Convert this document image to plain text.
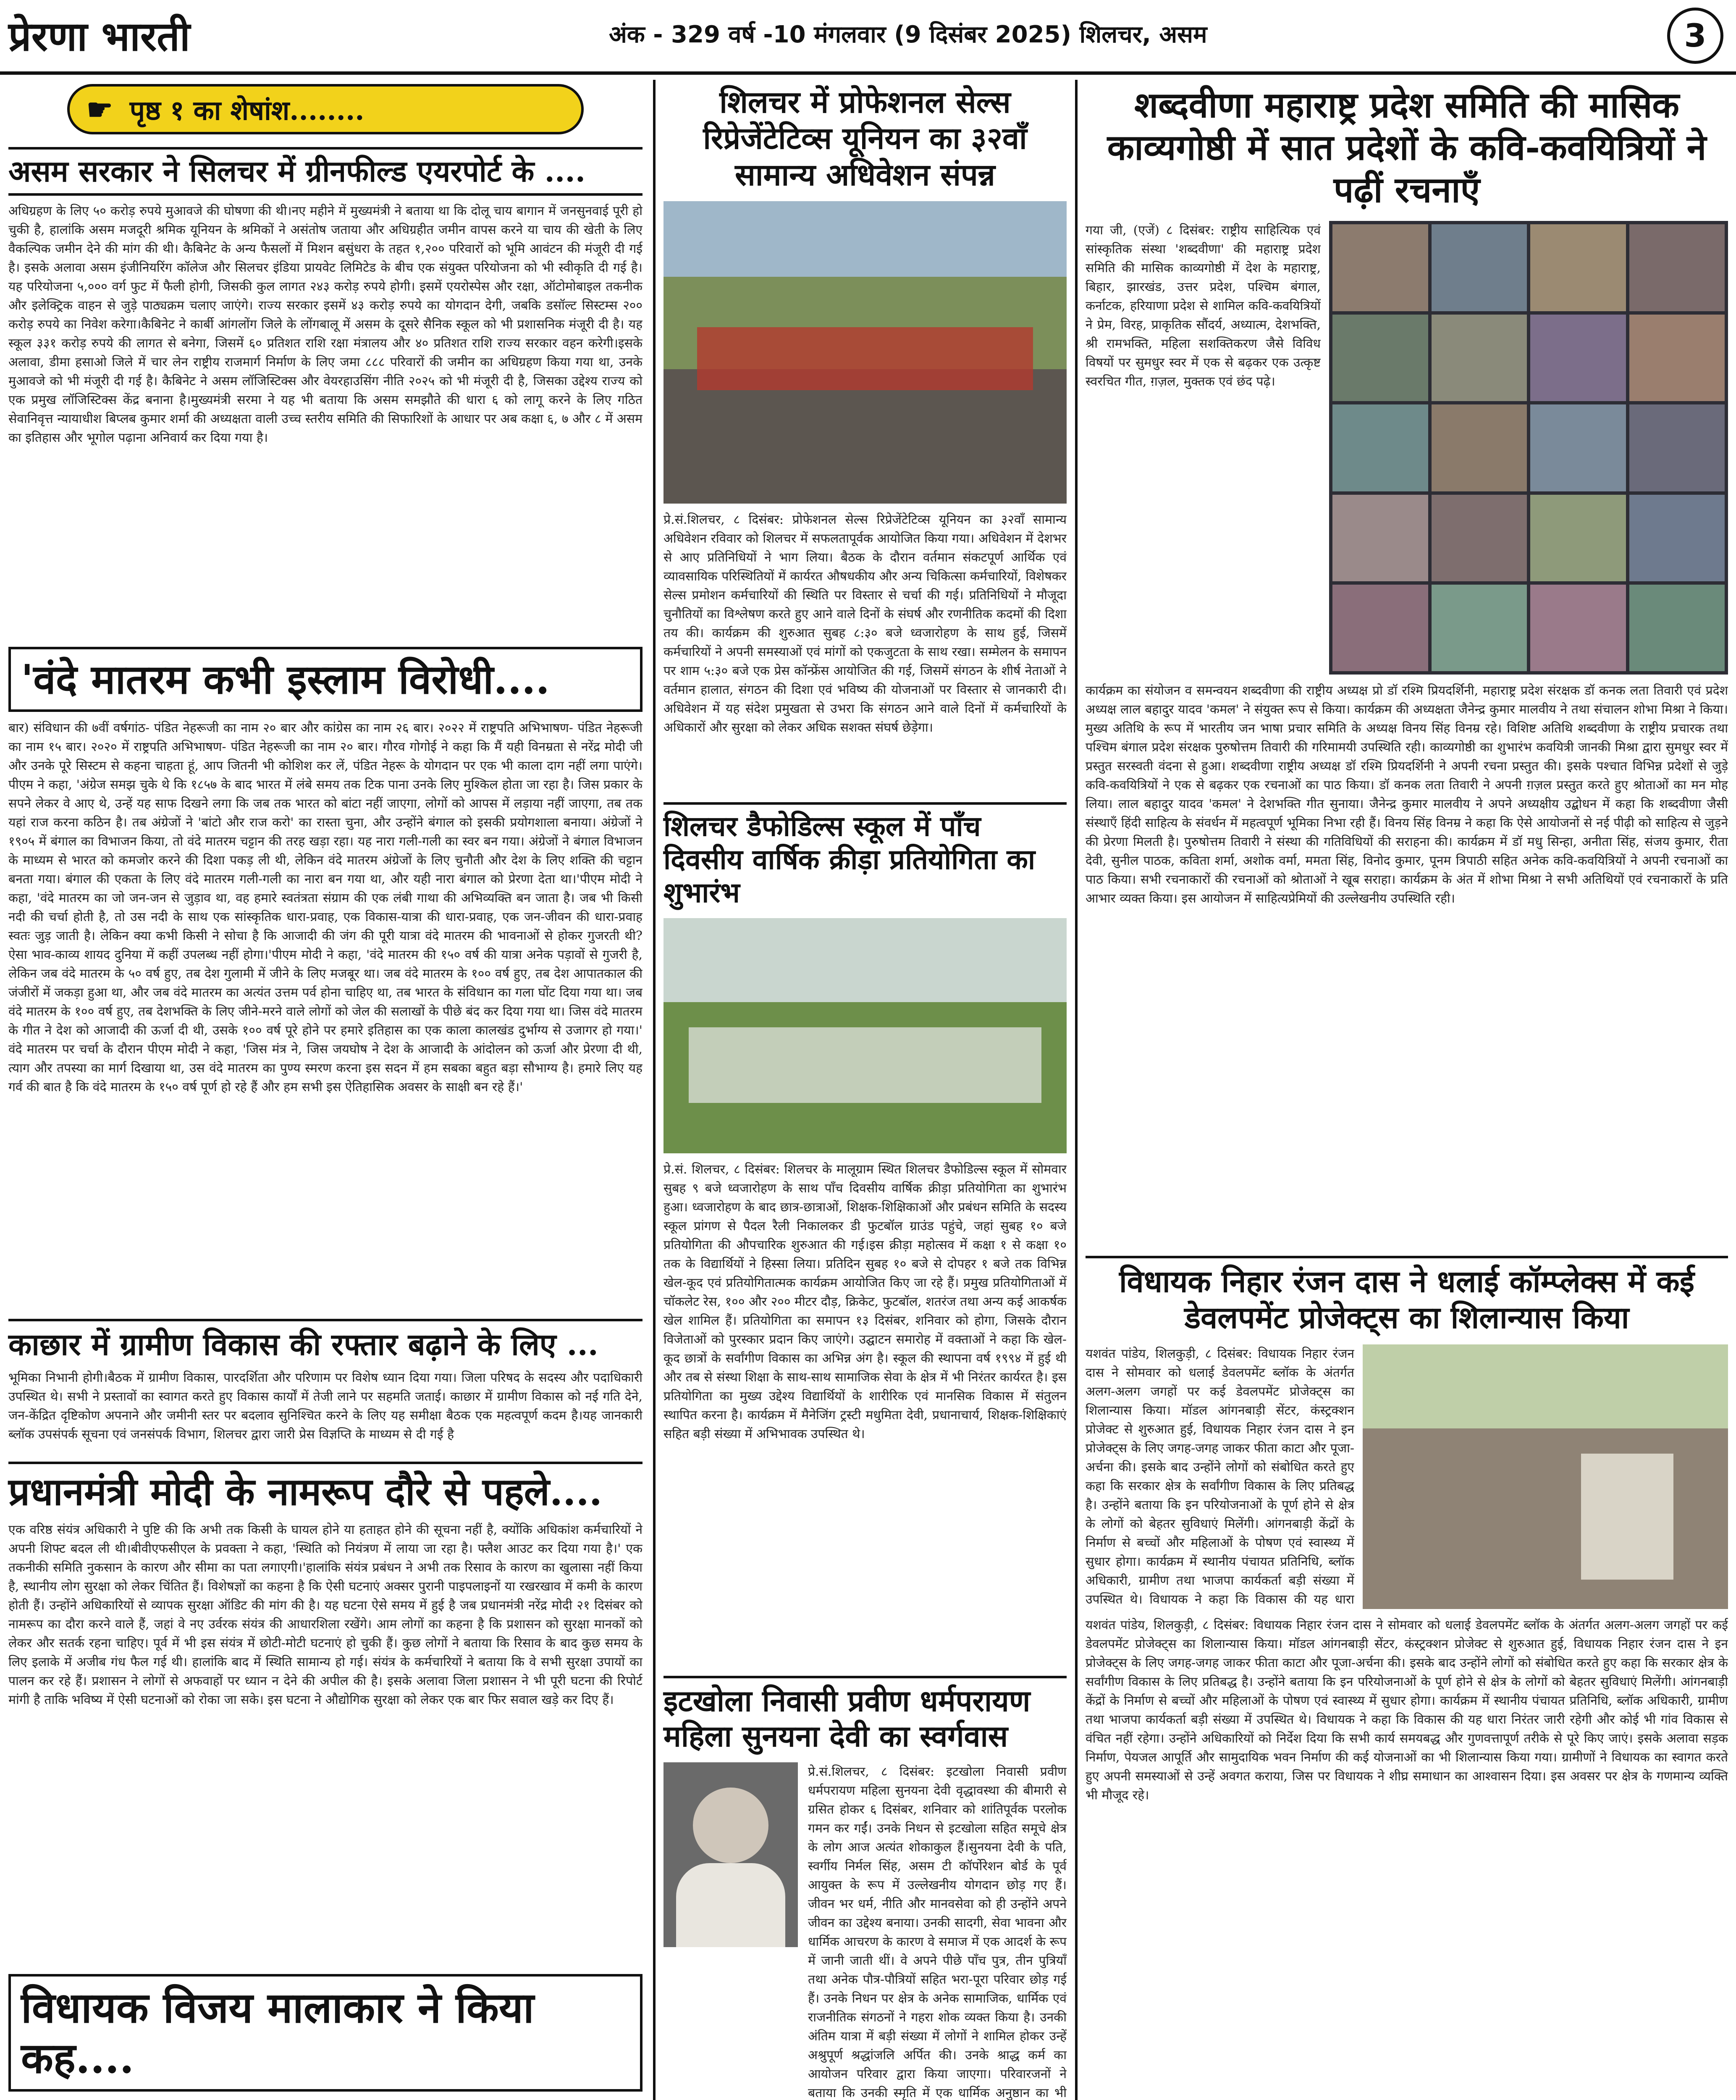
प्रेरणा भारती	अंक - 329 वर्ष -10 मंगलवार (9 दिसंबर 2025) शिलचर, असम	3
☛ पृष्ठ १ का शेषांश........
असम सरकार ने सिलचर में ग्रीनफील्ड एयरपोर्ट के ....
अधिग्रहण के लिए ५० करोड़ रुपये मुआवजे की घोषणा की थी।नए महीने में मुख्यमंत्री ने बताया था कि दोलू चाय बागान में जनसुनवाई पूरी हो चुकी है, हालांकि असम मजदूरी श्रमिक यूनियन के श्रमिकों ने असंतोष जताया और अधिग्रहीत जमीन वापस करने या चाय की खेती के लिए वैकल्पिक जमीन देने की मांग की थी। कैबिनेट के अन्य फैसलों में मिशन बसुंधरा के तहत १,२०० परिवारों को भूमि आवंटन की मंजूरी दी गई है। इसके अलावा असम इंजीनियरिंग कॉलेज और सिलचर इंडिया प्रायवेट लिमिटेड के बीच एक संयुक्त परियोजना को भी स्वीकृति दी गई है।यह परियोजना ५,००० वर्ग फुट में फैली होगी, जिसकी कुल लागत २४३ करोड़ रुपये होगी। इसमें एयरोस्पेस और रक्षा, ऑटोमोबाइल तकनीक और इलेक्ट्रिक वाहन से जुड़े पाठ्यक्रम चलाए जाएंगे। राज्य सरकार इसमें ४३ करोड़ रुपये का योगदान देगी, जबकि डसॉल्ट सिस्टम्स २०० करोड़ रुपये का निवेश करेगा।कैबिनेट ने कार्बी आंगलोंग जिले के लोंगबालू में असम के दूसरे सैनिक स्कूल को भी प्रशासनिक मंजूरी दी है। यह स्कूल ३३१ करोड़ रुपये की लागत से बनेगा, जिसमें ६० प्रतिशत राशि रक्षा मंत्रालय और ४० प्रतिशत राशि राज्य सरकार वहन करेगी।इसके अलावा, डीमा हसाओ जिले में चार लेन राष्ट्रीय राजमार्ग निर्माण के लिए जमा ८८८ परिवारों की जमीन का अधिग्रहण किया गया था, उनके मुआवजे को भी मंजूरी दी गई है। कैबिनेट ने असम लॉजिस्टिक्स और वेयरहाउसिंग नीति २०२५ को भी मंजूरी दी है, जिसका उद्देश्य राज्य को एक प्रमुख लॉजिस्टिक्स केंद्र बनाना है।मुख्यमंत्री सरमा ने यह भी बताया कि असम समझौते की धारा ६ को लागू करने के लिए गठित सेवानिवृत्त न्यायाधीश बिप्लब कुमार शर्मा की अध्यक्षता वाली उच्च स्तरीय समिति की सिफारिशों के आधार पर अब कक्षा ६, ७ और ८ में असम का इतिहास और भूगोल पढ़ाना अनिवार्य कर दिया गया है।
'वंदे मातरम कभी इस्लाम विरोधी....
बार) संविधान की ७वीं वर्षगांठ- पंडित नेहरूजी का नाम २० बार और कांग्रेस का नाम २६ बार। २०२२ में राष्ट्रपति अभिभाषण- पंडित नेहरूजी का नाम १५ बार। २०२० में राष्ट्रपति अभिभाषण- पंडित नेहरूजी का नाम २० बार। गौरव गोगोई ने कहा कि मैं यही विनम्रता से नरेंद्र मोदी जी और उनके पूरे सिस्टम से कहना चाहता हूं, आप जितनी भी कोशिश कर लें, पंडित नेहरू के योगदान पर एक भी काला दाग नहीं लगा पाएंगे। पीएम ने कहा, 'अंग्रेज समझ चुके थे कि १८५७ के बाद भारत में लंबे समय तक टिक पाना उनके लिए मुश्किल होता जा रहा है। जिस प्रकार के सपने लेकर वे आए थे, उन्हें यह साफ दिखने लगा कि जब तक भारत को बांटा नहीं जाएगा, लोगों को आपस में लड़ाया नहीं जाएगा, तब तक यहां राज करना कठिन है। तब अंग्रेजों ने 'बांटो और राज करो' का रास्ता चुना, और उन्होंने बंगाल को इसकी प्रयोगशाला बनाया। अंग्रेजों ने १९०५ में बंगाल का विभाजन किया, तो वंदे मातरम चट्टान की तरह खड़ा रहा। यह नारा गली-गली का स्वर बन गया। अंग्रेजों ने बंगाल विभाजन के माध्यम से भारत को कमजोर करने की दिशा पकड़ ली थी, लेकिन वंदे मातरम अंग्रेजों के लिए चुनौती और देश के लिए शक्ति की चट्टान बनता गया। बंगाल की एकता के लिए वंदे मातरम गली-गली का नारा बन गया था, और यही नारा बंगाल को प्रेरणा देता था।'पीएम मोदी ने कहा, 'वंदे मातरम का जो जन-जन से जुड़ाव था, वह हमारे स्वतंत्रता संग्राम की एक लंबी गाथा की अभिव्यक्ति बन जाता है। जब भी किसी नदी की चर्चा होती है, तो उस नदी के साथ एक सांस्कृतिक धारा-प्रवाह, एक विकास-यात्रा की धारा-प्रवाह, एक जन-जीवन की धारा-प्रवाह स्वतः जुड़ जाती है। लेकिन क्या कभी किसी ने सोचा है कि आजादी की जंग की पूरी यात्रा वंदे मातरम की भावनाओं से होकर गुजरती थी? ऐसा भाव-काव्य शायद दुनिया में कहीं उपलब्ध नहीं होगा।'पीएम मोदी ने कहा, 'वंदे मातरम की १५० वर्ष की यात्रा अनेक पड़ावों से गुजरी है, लेकिन जब वंदे मातरम के ५० वर्ष हुए, तब देश गुलामी में जीने के लिए मजबूर था। जब वंदे मातरम के १०० वर्ष हुए, तब देश आपातकाल की जंजीरों में जकड़ा हुआ था, और जब वंदे मातरम का अत्यंत उत्तम पर्व होना चाहिए था, तब भारत के संविधान का गला घोंट दिया गया था। जब वंदे मातरम के १०० वर्ष हुए, तब देशभक्ति के लिए जीने-मरने वाले लोगों को जेल की सलाखों के पीछे बंद कर दिया गया था। जिस वंदे मातरम के गीत ने देश को आजादी की ऊर्जा दी थी, उसके १०० वर्ष पूरे होने पर हमारे इतिहास का एक काला कालखंड दुर्भाग्य से उजागर हो गया।' वंदे मातरम पर चर्चा के दौरान पीएम मोदी ने कहा, 'जिस मंत्र ने, जिस जयघोष ने देश के आजादी के आंदोलन को ऊर्जा और प्रेरणा दी थी, त्याग और तपस्या का मार्ग दिखाया था, उस वंदे मातरम का पुण्य स्मरण करना इस सदन में हम सबका बहुत बड़ा सौभाग्य है। हमारे लिए यह गर्व की बात है कि वंदे मातरम के १५० वर्ष पूर्ण हो रहे हैं और हम सभी इस ऐतिहासिक अवसर के साक्षी बन रहे हैं।'
काछार में ग्रामीण विकास की रफ्तार बढ़ाने के लिए ...
भूमिका निभानी होगी।बैठक में ग्रामीण विकास, पारदर्शिता और परिणाम पर विशेष ध्यान दिया गया। जिला परिषद के सदस्य और पदाधिकारी उपस्थित थे। सभी ने प्रस्तावों का स्वागत करते हुए विकास कार्यों में तेजी लाने पर सहमति जताई। काछार में ग्रामीण विकास को नई गति देने, जन-केंद्रित दृष्टिकोण अपनाने और जमीनी स्तर पर बदलाव सुनिश्चित करने के लिए यह समीक्षा बैठक एक महत्वपूर्ण कदम है।यह जानकारी ब्लॉक उपसंपर्क सूचना एवं जनसंपर्क विभाग, शिलचर द्वारा जारी प्रेस विज्ञप्ति के माध्यम से दी गई है
प्रधानमंत्री मोदी के नामरूप दौरे से पहले....
एक वरिष्ठ संयंत्र अधिकारी ने पुष्टि की कि अभी तक किसी के घायल होने या हताहत होने की सूचना नहीं है, क्योंकि अधिकांश कर्मचारियों ने अपनी शिफ्ट बदल ली थी।बीवीएफसीएल के प्रवक्ता ने कहा, 'स्थिति को नियंत्रण में लाया जा रहा है। फ्लैश आउट कर दिया गया है।' एक तकनीकी समिति नुकसान के कारण और सीमा का पता लगाएगी।'हालांकि संयंत्र प्रबंधन ने अभी तक रिसाव के कारण का खुलासा नहीं किया है, स्थानीय लोग सुरक्षा को लेकर चिंतित हैं। विशेषज्ञों का कहना है कि ऐसी घटनाएं अक्सर पुरानी पाइपलाइनों या रखरखाव में कमी के कारण होती हैं। उन्होंने अधिकारियों से व्यापक सुरक्षा ऑडिट की मांग की है। यह घटना ऐसे समय में हुई है जब प्रधानमंत्री नरेंद्र मोदी २१ दिसंबर को नामरूप का दौरा करने वाले हैं, जहां वे नए उर्वरक संयंत्र की आधारशिला रखेंगे। आम लोगों का कहना है कि प्रशासन को सुरक्षा मानकों को लेकर और सतर्क रहना चाहिए। पूर्व में भी इस संयंत्र में छोटी-मोटी घटनाएं हो चुकी हैं। कुछ लोगों ने बताया कि रिसाव के बाद कुछ समय के लिए इलाके में अजीब गंध फैल गई थी। हालांकि बाद में स्थिति सामान्य हो गई। संयंत्र के कर्मचारियों ने बताया कि वे सभी सुरक्षा उपायों का पालन कर रहे हैं। प्रशासन ने लोगों से अफवाहों पर ध्यान न देने की अपील की है। इसके अलावा जिला प्रशासन ने भी पूरी घटना की रिपोर्ट मांगी है ताकि भविष्य में ऐसी घटनाओं को रोका जा सके। इस घटना ने औद्योगिक सुरक्षा को लेकर एक बार फिर सवाल खड़े कर दिए हैं।
विधायक विजय मालाकार ने किया कह....
शिलचर में प्रोफेशनल सेल्स रिप्रेजेंटेटिव्स यूनियन का ३२वाँ सामान्य अधिवेशन संपन्न
प्रे.सं.शिलचर, ८ दिसंबर: प्रोफेशनल सेल्स रिप्रेजेंटेटिव्स यूनियन का ३२वाँ सामान्य अधिवेशन रविवार को शिलचर में सफलतापूर्वक आयोजित किया गया। अधिवेशन में देशभर से आए प्रतिनिधियों ने भाग लिया। बैठक के दौरान वर्तमान संकटपूर्ण आर्थिक एवं व्यावसायिक परिस्थितियों में कार्यरत औषधकीय और अन्य चिकित्सा कर्मचारियों, विशेषकर सेल्स प्रमोशन कर्मचारियों की स्थिति पर विस्तार से चर्चा की गई। प्रतिनिधियों ने मौजूदा चुनौतियों का विश्लेषण करते हुए आने वाले दिनों के संघर्ष और रणनीतिक कदमों की दिशा तय की। कार्यक्रम की शुरुआत सुबह ८:३० बजे ध्वजारोहण के साथ हुई, जिसमें कर्मचारियों ने अपनी समस्याओं एवं मांगों को एकजुटता के साथ रखा। सम्मेलन के समापन पर शाम ५:३० बजे एक प्रेस कॉन्फ्रेंस आयोजित की गई, जिसमें संगठन के शीर्ष नेताओं ने वर्तमान हालात, संगठन की दिशा एवं भविष्य की योजनाओं पर विस्तार से जानकारी दी। अधिवेशन में यह संदेश प्रमुखता से उभरा कि संगठन आने वाले दिनों में कर्मचारियों के अधिकारों और सुरक्षा को लेकर अधिक सशक्त संघर्ष छेड़ेगा।
शिलचर डैफोडिल्स स्कूल में पाँच दिवसीय वार्षिक क्रीड़ा प्रतियोगिता का शुभारंभ
प्रे.सं. शिलचर, ८ दिसंबर: शिलचर के मालूग्राम स्थित शिलचर डैफोडिल्स स्कूल में सोमवार सुबह ९ बजे ध्वजारोहण के साथ पाँच दिवसीय वार्षिक क्रीड़ा प्रतियोगिता का शुभारंभ हुआ। ध्वजारोहण के बाद छात्र-छात्राओं, शिक्षक-शिक्षिकाओं और प्रबंधन समिति के सदस्य स्कूल प्रांगण से पैदल रैली निकालकर डी फुटबॉल ग्राउंड पहुंचे, जहां सुबह १० बजे प्रतियोगिता की औपचारिक शुरुआत की गई।इस क्रीड़ा महोत्सव में कक्षा १ से कक्षा १० तक के विद्यार्थियों ने हिस्सा लिया। प्रतिदिन सुबह १० बजे से दोपहर १ बजे तक विभिन्न खेल-कूद एवं प्रतियोगितात्मक कार्यक्रम आयोजित किए जा रहे हैं। प्रमुख प्रतियोगिताओं में चॉकलेट रेस, १०० और २०० मीटर दौड़, क्रिकेट, फुटबॉल, शतरंज तथा अन्य कई आकर्षक खेल शामिल हैं। प्रतियोगिता का समापन १३ दिसंबर, शनिवार को होगा, जिसके दौरान विजेताओं को पुरस्कार प्रदान किए जाएंगे। उद्घाटन समारोह में वक्ताओं ने कहा कि खेल-कूद छात्रों के सर्वांगीण विकास का अभिन्न अंग है। स्कूल की स्थापना वर्ष १९९४ में हुई थी और तब से संस्था शिक्षा के साथ-साथ सामाजिक सेवा के क्षेत्र में भी निरंतर कार्यरत है। इस प्रतियोगिता का मुख्य उद्देश्य विद्यार्थियों के शारीरिक एवं मानसिक विकास में संतुलन स्थापित करना है। कार्यक्रम में मैनेजिंग ट्रस्टी मधुमिता देवी, प्रधानाचार्य, शिक्षक-शिक्षिकाएं सहित बड़ी संख्या में अभिभावक उपस्थित थे।
इटखोला निवासी प्रवीण धर्मपरायण महिला सुनयना देवी का स्वर्गवास
प्रे.सं.शिलचर, ८ दिसंबर: इटखोला निवासी प्रवीण धर्मपरायण महिला सुनयना देवी वृद्धावस्था की बीमारी से ग्रसित होकर ६ दिसंबर, शनिवार को शांतिपूर्वक परलोक गमन कर गईं। उनके निधन से इटखोला सहित समूचे क्षेत्र के लोग आज अत्यंत शोकाकुल हैं।सुनयना देवी के पति, स्वर्गीय निर्मल सिंह, असम टी कॉर्पोरेशन बोर्ड के पूर्व आयुक्त के रूप में उल्लेखनीय योगदान छोड़ गए हैं। जीवन भर धर्म, नीति और मानवसेवा को ही उन्होंने अपने जीवन का उद्देश्य बनाया। उनकी सादगी, सेवा भावना और धार्मिक आचरण के कारण वे समाज में एक आदर्श के रूप में जानी जाती थीं। वे अपने पीछे पाँच पुत्र, तीन पुत्रियाँ तथा अनेक पौत्र-पौत्रियों सहित भरा-पूरा परिवार छोड़ गई हैं। उनके निधन पर क्षेत्र के अनेक सामाजिक, धार्मिक एवं राजनीतिक संगठनों ने गहरा शोक व्यक्त किया है। उनकी अंतिम यात्रा में बड़ी संख्या में लोगों ने शामिल होकर उन्हें अश्रुपूर्ण श्रद्धांजलि अर्पित की। उनके श्राद्ध कर्म का आयोजन परिवार द्वारा किया जाएगा। परिवारजनों ने बताया कि उनकी स्मृति में एक धार्मिक अनुष्ठान का भी
शब्दवीणा महाराष्ट्र प्रदेश समिति की मासिक काव्यगोष्ठी में सात प्रदेशों के कवि-कवयित्रियों ने पढ़ीं रचनाएँ
गया जी, (एजें) ८ दिसंबर: राष्ट्रीय साहित्यिक एवं सांस्कृतिक संस्था 'शब्दवीणा' की महाराष्ट्र प्रदेश समिति की मासिक काव्यगोष्ठी में देश के महाराष्ट्र, बिहार, झारखंड, उत्तर प्रदेश, पश्चिम बंगाल, कर्नाटक, हरियाणा प्रदेश से शामिल कवि-कवयित्रियों ने प्रेम, विरह, प्राकृतिक सौंदर्य, अध्यात्म, देशभक्ति, श्री रामभक्ति, महिला सशक्तिकरण जैसे विविध विषयों पर सुमधुर स्वर में एक से बढ़कर एक उत्कृष्ट स्वरचित गीत, ग़ज़ल, मुक्तक एवं छंद पढ़े।
कार्यक्रम का संयोजन व समन्वयन शब्दवीणा की राष्ट्रीय अध्यक्ष प्रो डॉ रश्मि प्रियदर्शिनी, महाराष्ट्र प्रदेश संरक्षक डॉ कनक लता तिवारी एवं प्रदेश अध्यक्ष लाल बहादुर यादव 'कमल' ने संयुक्त रूप से किया। कार्यक्रम की अध्यक्षता जैनेन्द्र कुमार मालवीय ने तथा संचालन शोभा मिश्रा ने किया। मुख्य अतिथि के रूप में भारतीय जन भाषा प्रचार समिति के अध्यक्ष विनय सिंह विनम्र रहे। विशिष्ट अतिथि शब्दवीणा के राष्ट्रीय प्रचारक तथा पश्चिम बंगाल प्रदेश संरक्षक पुरुषोत्तम तिवारी की गरिमामयी उपस्थिति रही। काव्यगोष्ठी का शुभारंभ कवयित्री जानकी मिश्रा द्वारा सुमधुर स्वर में प्रस्तुत सरस्वती वंदना से हुआ। शब्दवीणा राष्ट्रीय अध्यक्ष डॉ रश्मि प्रियदर्शिनी ने अपनी रचना प्रस्तुत की। इसके पश्चात विभिन्न प्रदेशों से जुड़े कवि-कवयित्रियों ने एक से बढ़कर एक रचनाओं का पाठ किया। डॉ कनक लता तिवारी ने अपनी ग़ज़ल प्रस्तुत करते हुए श्रोताओं का मन मोह लिया। लाल बहादुर यादव 'कमल' ने देशभक्ति गीत सुनाया। जैनेन्द्र कुमार मालवीय ने अपने अध्यक्षीय उद्बोधन में कहा कि शब्दवीणा जैसी संस्थाएँ हिंदी साहित्य के संवर्धन में महत्वपूर्ण भूमिका निभा रही हैं। विनय सिंह विनम्र ने कहा कि ऐसे आयोजनों से नई पीढ़ी को साहित्य से जुड़ने की प्रेरणा मिलती है। पुरुषोत्तम तिवारी ने संस्था की गतिविधियों की सराहना की। कार्यक्रम में डॉ मधु सिन्हा, अनीता सिंह, संजय कुमार, रीता देवी, सुनील पाठक, कविता शर्मा, अशोक वर्मा, ममता सिंह, विनोद कुमार, पूनम त्रिपाठी सहित अनेक कवि-कवयित्रियों ने अपनी रचनाओं का पाठ किया। सभी रचनाकारों की रचनाओं को श्रोताओं ने खूब सराहा। कार्यक्रम के अंत में शोभा मिश्रा ने सभी अतिथियों एवं रचनाकारों के प्रति आभार व्यक्त किया। इस आयोजन में साहित्यप्रेमियों की उल्लेखनीय उपस्थिति रही।
विधायक निहार रंजन दास ने धलाई कॉम्प्लेक्स में कई डेवलपमेंट प्रोजेक्ट्स का शिलान्यास किया
यशवंत पांडेय, शिलकुड़ी, ८ दिसंबर: विधायक निहार रंजन दास ने सोमवार को धलाई डेवलपमेंट ब्लॉक के अंतर्गत अलग-अलग जगहों पर कई डेवलपमेंट प्रोजेक्ट्स का शिलान्यास किया। मॉडल आंगनबाड़ी सेंटर, कंस्ट्रक्शन प्रोजेक्ट से शुरुआत हुई, विधायक निहार रंजन दास ने इन प्रोजेक्ट्स के लिए जगह-जगह जाकर फीता काटा और पूजा-अर्चना की। इसके बाद उन्होंने लोगों को संबोधित करते हुए कहा कि सरकार क्षेत्र के सर्वांगीण विकास के लिए प्रतिबद्ध है। उन्होंने बताया कि इन परियोजनाओं के पूर्ण होने से क्षेत्र के लोगों को बेहतर सुविधाएं मिलेंगी। आंगनबाड़ी केंद्रों के निर्माण से बच्चों और महिलाओं के पोषण एवं स्वास्थ्य में सुधार होगा। कार्यक्रम में स्थानीय पंचायत प्रतिनिधि, ब्लॉक अधिकारी, ग्रामीण तथा भाजपा कार्यकर्ता बड़ी संख्या में उपस्थित थे। विधायक ने कहा कि विकास की यह धारा
यशवंत पांडेय, शिलकुड़ी, ८ दिसंबर: विधायक निहार रंजन दास ने सोमवार को धलाई डेवलपमेंट ब्लॉक के अंतर्गत अलग-अलग जगहों पर कई डेवलपमेंट प्रोजेक्ट्स का शिलान्यास किया। मॉडल आंगनबाड़ी सेंटर, कंस्ट्रक्शन प्रोजेक्ट से शुरुआत हुई, विधायक निहार रंजन दास ने इन प्रोजेक्ट्स के लिए जगह-जगह जाकर फीता काटा और पूजा-अर्चना की। इसके बाद उन्होंने लोगों को संबोधित करते हुए कहा कि सरकार क्षेत्र के सर्वांगीण विकास के लिए प्रतिबद्ध है। उन्होंने बताया कि इन परियोजनाओं के पूर्ण होने से क्षेत्र के लोगों को बेहतर सुविधाएं मिलेंगी। आंगनबाड़ी केंद्रों के निर्माण से बच्चों और महिलाओं के पोषण एवं स्वास्थ्य में सुधार होगा। कार्यक्रम में स्थानीय पंचायत प्रतिनिधि, ब्लॉक अधिकारी, ग्रामीण तथा भाजपा कार्यकर्ता बड़ी संख्या में उपस्थित थे। विधायक ने कहा कि विकास की यह धारा निरंतर जारी रहेगी और कोई भी गांव विकास से वंचित नहीं रहेगा। उन्होंने अधिकारियों को निर्देश दिया कि सभी कार्य समयबद्ध और गुणवत्तापूर्ण तरीके से पूरे किए जाएं। इसके अलावा सड़क निर्माण, पेयजल आपूर्ति और सामुदायिक भवन निर्माण की कई योजनाओं का भी शिलान्यास किया गया। ग्रामीणों ने विधायक का स्वागत करते हुए अपनी समस्याओं से उन्हें अवगत कराया, जिस पर विधायक ने शीघ्र समाधान का आश्वासन दिया। इस अवसर पर क्षेत्र के गणमान्य व्यक्ति भी मौजूद रहे।
